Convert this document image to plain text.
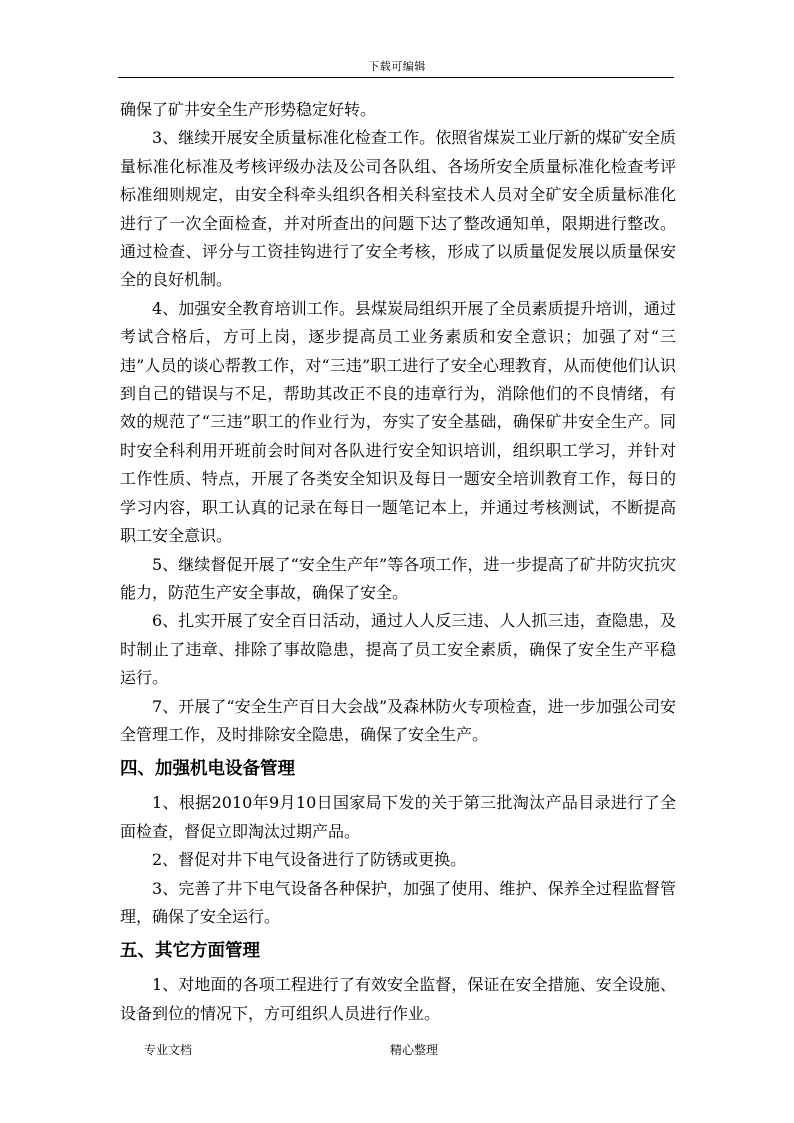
下载可编辑

确保了矿井安全生产形势稳定好转。

3、继续开展安全质量标准化检查工作。依照省煤炭工业厅新的煤矿安全质量标准化标准及考核评级办法及公司各队组、各场所安全质量标准化检查考评标准细则规定，由安全科牵头组织各相关科室技术人员对全矿安全质量标准化进行了一次全面检查，并对所查出的问题下达了整改通知单，限期进行整改。通过检查、评分与工资挂钩进行了安全考核，形成了以质量促发展以质量保安全的良好机制。

4、加强安全教育培训工作。县煤炭局组织开展了全员素质提升培训，通过考试合格后，方可上岗，逐步提高员工业务素质和安全意识；加强了对“三违”人员的谈心帮教工作，对“三违”职工进行了安全心理教育，从而使他们认识到自己的错误与不足，帮助其改正不良的违章行为，消除他们的不良情绪，有效的规范了“三违”职工的作业行为，夯实了安全基础，确保矿井安全生产。同时安全科利用开班前会时间对各队进行安全知识培训，组织职工学习，并针对工作性质、特点，开展了各类安全知识及每日一题安全培训教育工作，每日的学习内容，职工认真的记录在每日一题笔记本上，并通过考核测试，不断提高职工安全意识。

5、继续督促开展了“安全生产年”等各项工作，进一步提高了矿井防灾抗灾能力，防范生产安全事故，确保了安全。

6、扎实开展了安全百日活动，通过人人反三违、人人抓三违，查隐患，及时制止了违章、排除了事故隐患，提高了员工安全素质，确保了安全生产平稳运行。

7、开展了“安全生产百日大会战”及森林防火专项检查，进一步加强公司安全管理工作，及时排除安全隐患，确保了安全生产。

四、加强机电设备管理

1、根据2010年9月10日国家局下发的关于第三批淘汰产品目录进行了全面检查，督促立即淘汰过期产品。

2、督促对井下电气设备进行了防锈或更换。

3、完善了井下电气设备各种保护，加强了使用、维护、保养全过程监督管理，确保了安全运行。

五、其它方面管理

1、对地面的各项工程进行了有效安全监督，保证在安全措施、安全设施、设备到位的情况下，方可组织人员进行作业。

专业文档	精心整理
